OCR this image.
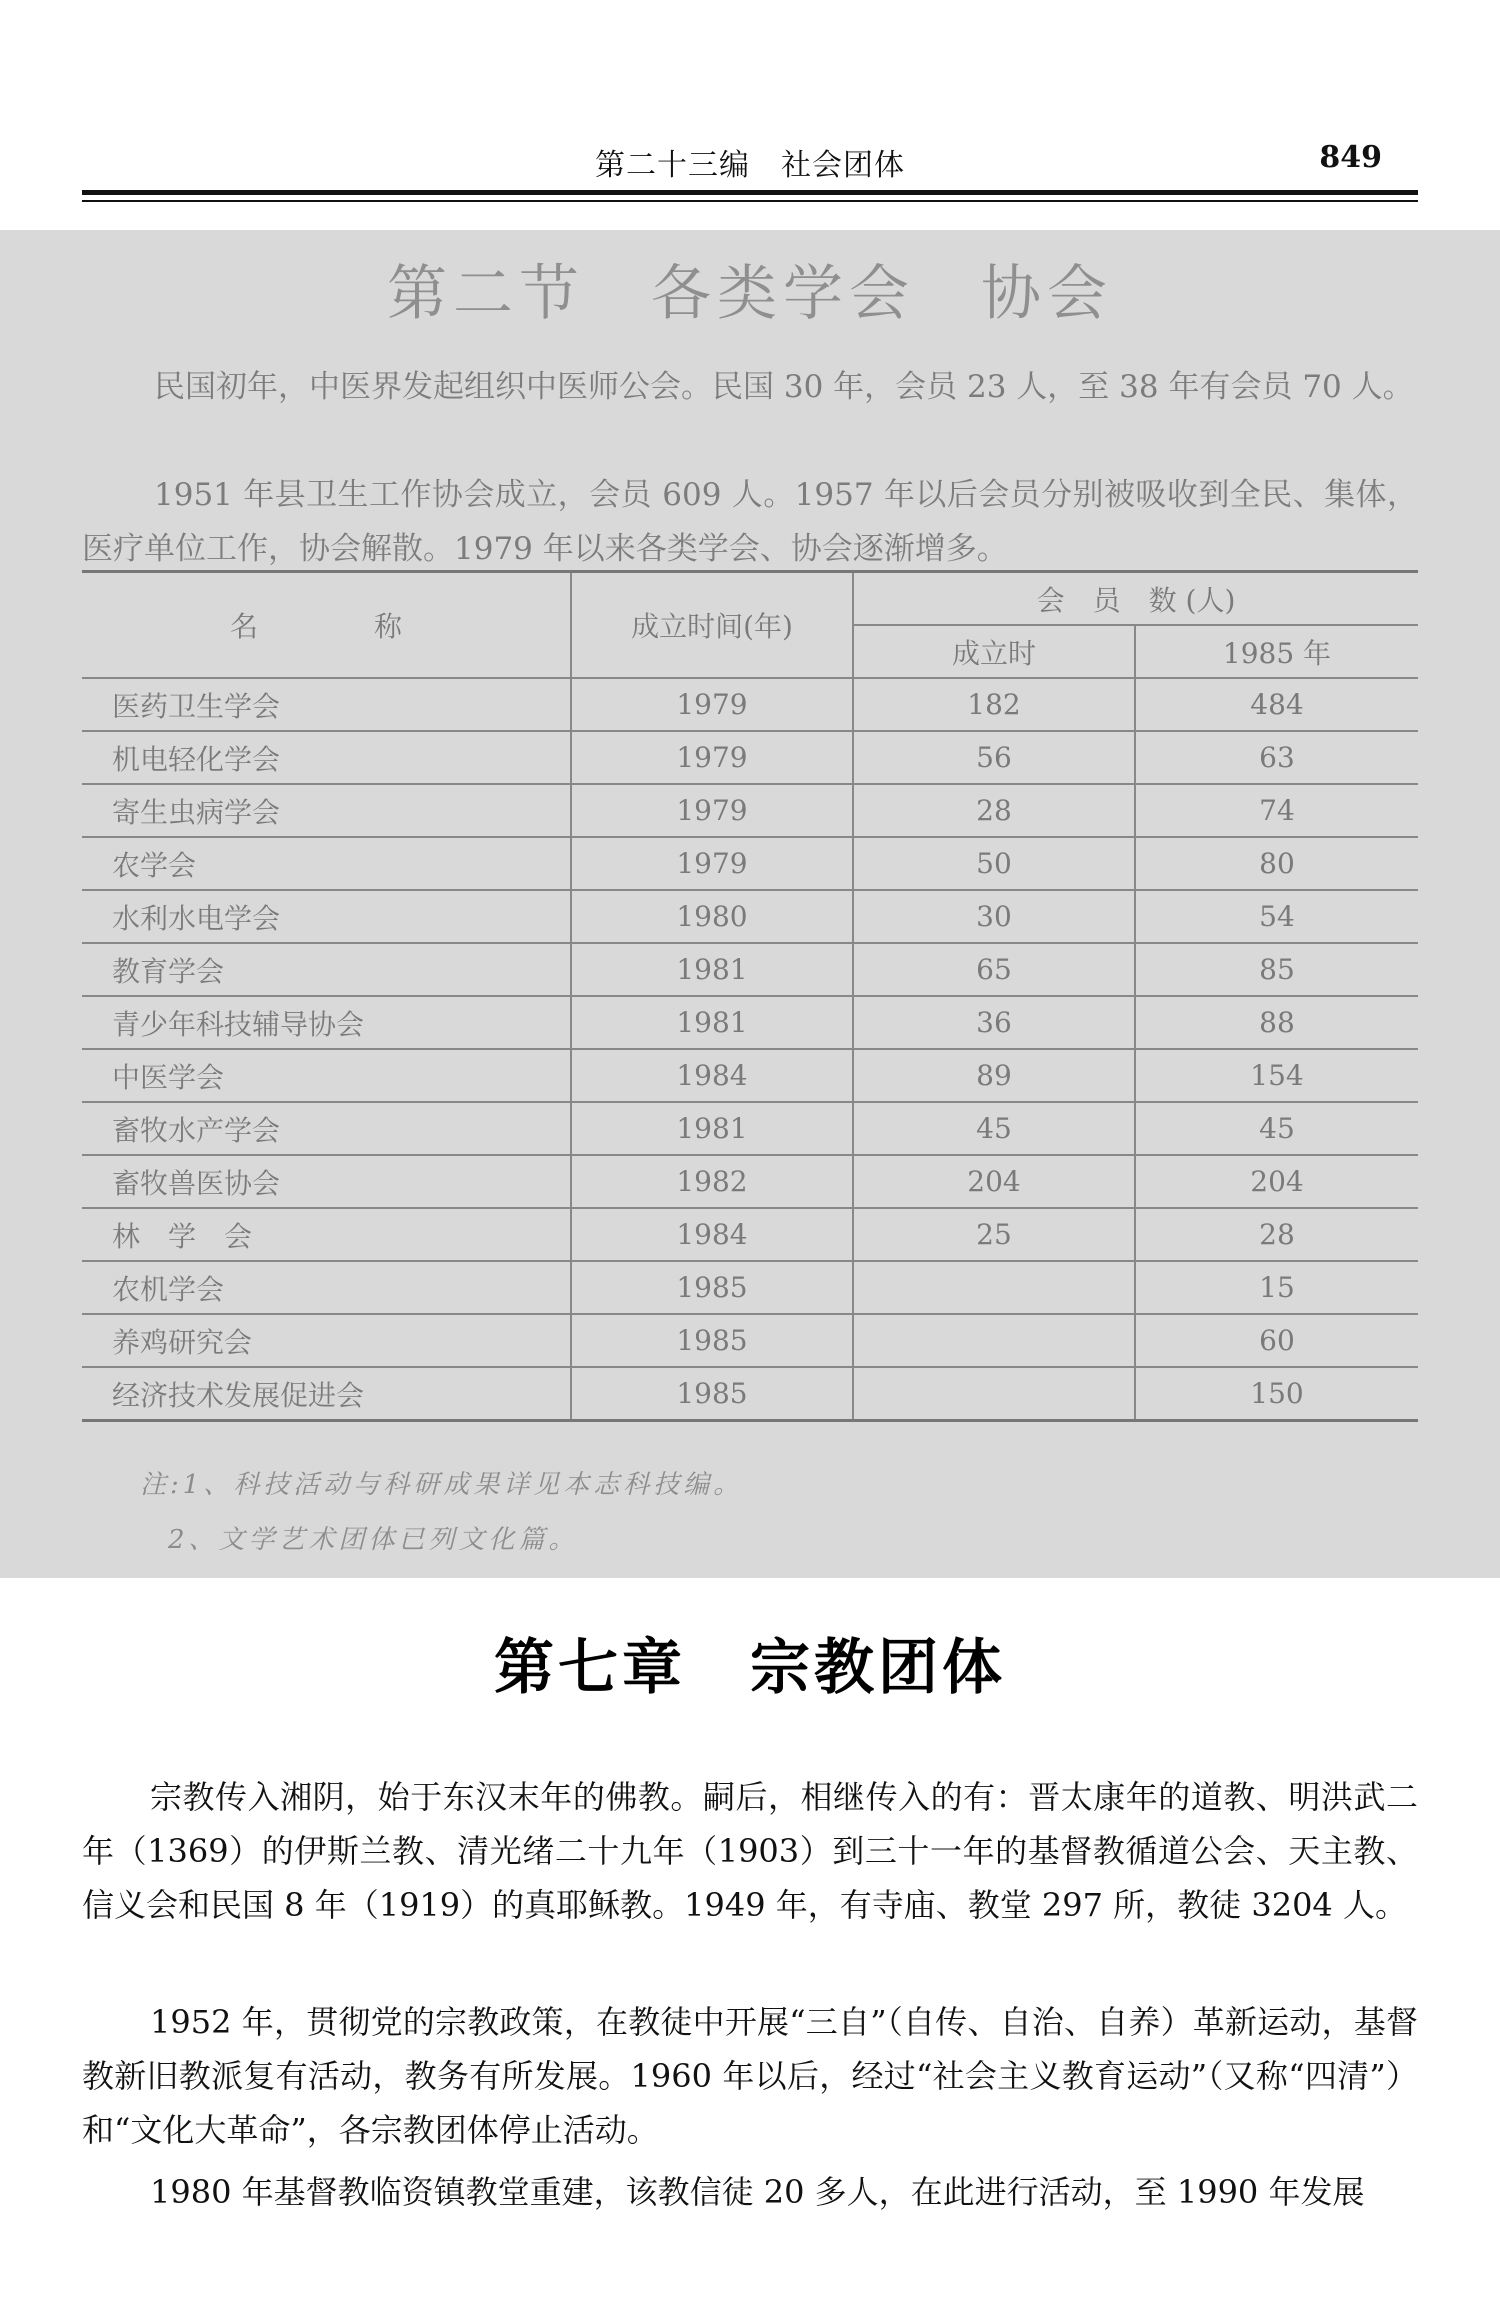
第二十三编　社会团体	849
第二节　各类学会　协会

民国初年，中医界发起组织中医师公会。民国 30 年，会员 23 人，至 38 年有会员 70 人。

1951 年县卫生工作协会成立，会员 609 人。1957 年以后会员分别被吸收到全民、集体，医疗单位工作，协会解散。1979 年以来各类学会、协会逐渐增多。

名　　称	成立时间(年)	会　员　数 (人)	
		成立时	1985 年
医药卫生学会	1979	182	484
机电轻化学会	1979	56	63
寄生虫病学会	1979	28	74
农学会	1979	50	80
水利水电学会	1980	30	54
教育学会	1981	65	85
青少年科技辅导协会	1981	36	88
中医学会	1984	89	154
畜牧水产学会	1981	45	45
畜牧兽医协会	1982	204	204
林　学　会	1984	25	28
农机学会	1985		15
养鸡研究会	1985		60
经济技术发展促进会	1985		150
注:1、科技活动与科研成果详见本志科技编。
2、文学艺术团体已列文化篇。
第七章　宗教团体

宗教传入湘阴，始于东汉末年的佛教。嗣后，相继传入的有：晋太康年的道教、明洪武二年（1369）的伊斯兰教、清光绪二十九年（1903）到三十一年的基督教循道公会、天主教、信义会和民国 8 年（1919）的真耶稣教。1949 年，有寺庙、教堂 297 所，教徒 3204 人。

1952 年，贯彻党的宗教政策，在教徒中开展“三自”（自传、自治、自养）革新运动，基督教新旧教派复有活动，教务有所发展。1960 年以后，经过“社会主义教育运动”（又称“四清”）和“文化大革命”，各宗教团体停止活动。

1980 年基督教临资镇教堂重建，该教信徒 20 多人，在此进行活动，至 1990 年发展
